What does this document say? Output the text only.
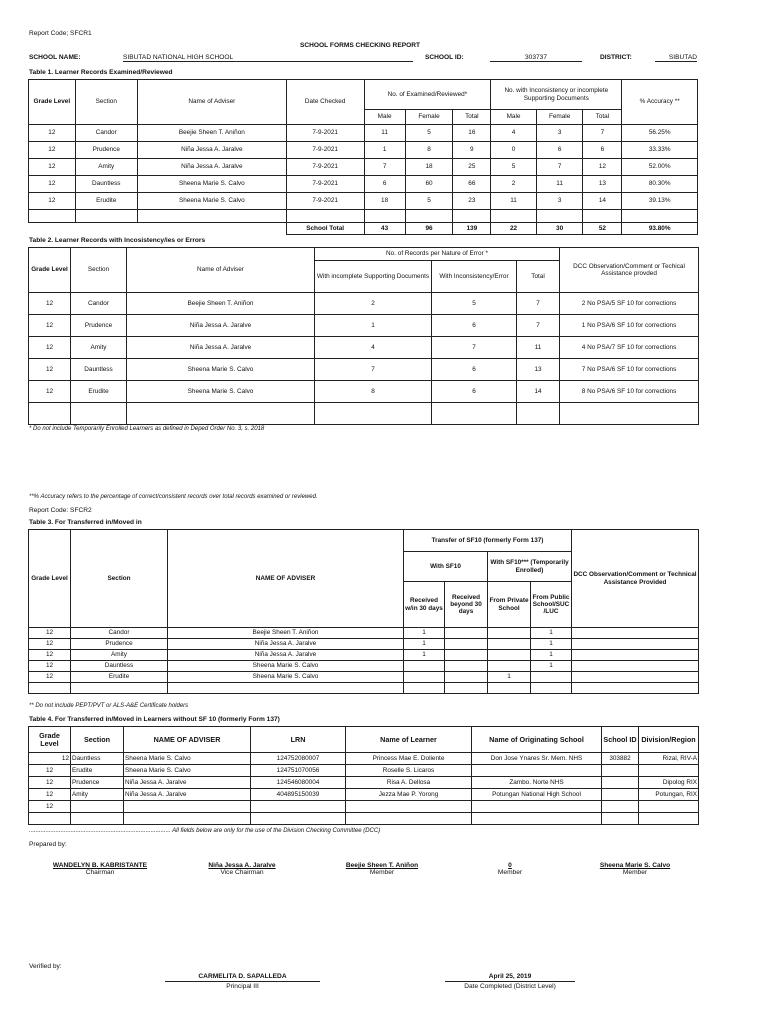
Report Code; SFCR1
SCHOOL FORMS CHECKING REPORT
SCHOOL NAME:	SIBUTAD NATIONAL HIGH SCHOOL	SCHOOL ID:	303737	DISTRICT:	SIBUTAD
Table 1. Learner Records Examined/Reviewed
Grade Level	Section	Name of Adviser	Date Checked	No. of Examined/Reviewed*			No. with Inconsistency or incomplete Supporting Documents			% Accuracy **
				Male	Female	Total	Male	Female	Total	
12	Candor	Beejie Sheen T. Aniñon	7-9-2021	11	5	16	4	3	7	56.25%
12	Prudence	Niña Jessa A. Jaralve	7-9-2021	1	8	9	0	6	6	33.33%
12	Amity	Niña Jessa A. Jaralve	7-9-2021	7	18	25	5	7	12	52.00%
12	Dauntless	Sheena Marie S. Calvo	7-9-2021	6	60	66	2	11	13	80.30%
12	Erudite	Sheena Marie S. Calvo	7-9-2021	18	5	23	11	3	14	39.13%

			School Total	43	96	139	22	30	52	93.80%
Table 2. Learner Records with Incosistency/ies or Errors
Grade Level	Section	Name of Adviser	No. of Records per Nature of Error *			DCC Observation/Comment or Techical Assistance provded
			With incomplete Supporting Documents	With Inconsistency/Error	Total	
12	Candor	Beejie Sheen T. Aniñon	2	5	7	2 No PSA/5 SF 10 for corrections
12	Prudence	Niña Jessa A. Jaralve	1	6	7	1 No PSA/6 SF 10 for corrections
12	Amity	Niña Jessa A. Jaralve	4	7	11	4 No PSA/7 SF 10 for corrections
12	Dauntless	Sheena Marie S. Calvo	7	6	13	7 No PSA/6 SF 10 for corrections
12	Erudite	Sheena Marie S. Calvo	8	6	14	8 No PSA/6 SF 10 for corrections

* Do not include Temporarily Enrolled Learners as defined in Deped Order No. 3, s. 2018
**% Accuracy refers to the percentage of correct/consistent records over total records examined or reviewed.
Report Code: SFCR2
Table 3. For Transferred in/Moved in
Grade Level	Section	NAME OF ADVISER	Transfer of SF10 (formerly Form 137)				DCC Observation/Comment or Technical Assistance Provided
			With SF10		With SF10*** (Temporarily Enrolled)		
			Received w/in 30 days	Received beyond 30 days	From Private School	From Public School/SUC /LUC	
12	Candor	Beejie Sheen T. Aniñon	1			1	
12	Prudence	Niña Jessa A. Jaralve	1			1	
12	Amity	Niña Jessa A. Jaralve	1			1	
12	Dauntless	Sheena Marie S. Calvo				1	
12	Erudite	Sheena Marie S. Calvo			1		

** Do not include PEPT/PVT or ALS-A&E Certificate holders
Table 4. For Transferred in/Moved in Learners without SF 10 (formerly Form 137)
Grade Level	Section	NAME OF ADVISER	LRN	Name of Learner	Name of Originating School	School ID	Division/Region
12	Dauntless	Sheena Marie S. Calvo	124752080007	Princess Mae E. Doliente	Don Jose Ynares Sr. Mem. NHS	303882	Rizal, RIV-A
12	Erudite	Sheena Marie S. Calvo	124751070056	Roselle S. Licaros			
12	Prudence	Niña Jessa A. Jaralve	124546080004	Risa A. Dellosa	Zambo. Norte NHS		Dipolog RIX
12	Amity	Niña Jessa A. Jaralve	404895150039	Jezza Mae P. Yorong	Potungan National High School		Potungan, RIX
12							

..................................................................................... All fields below are only for the use of the Division Checking Committee (DCC)
Prepared by:
WANDELYN B. KABRISTANTE
Chairman
Niña Jessa A. Jaralve
Vice Chairman
Beejie Sheen T. Aniñon
Member
0
Member
Sheena Marie S. Calvo
Member
Verified by:
CARMELITA D. SAPALLEDA
Principal III
April 25, 2019
Date Completed (District Level)
